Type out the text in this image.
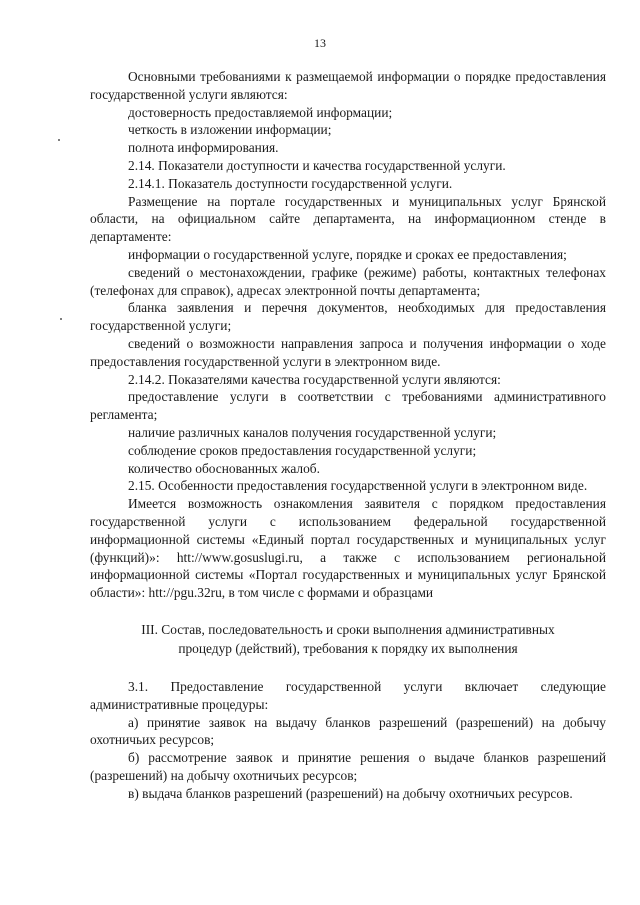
13

Основными требованиями к размещаемой информации о порядке предоставления государственной услуги являются:

достоверность предоставляемой информации;

четкость в изложении информации;

полнота информирования.

2.14. Показатели доступности и качества государственной услуги.

2.14.1. Показатель доступности государственной услуги.

Размещение на портале государственных и муниципальных услуг Брянской области, на официальном сайте департамента, на информационном стенде в департаменте:

информации о государственной услуге, порядке и сроках ее предоставления;

сведений о местонахождении, графике (режиме) работы, контактных телефонах (телефонах для справок), адресах электронной почты департамента;

бланка заявления и перечня документов, необходимых для предоставления государственной услуги;

сведений о возможности направления запроса и получения информации о ходе предоставления государственной услуги в электронном виде.

2.14.2. Показателями качества государственной услуги являются:

предоставление услуги в соответствии с требованиями административного регламента;

наличие различных каналов получения государственной услуги;

соблюдение сроков предоставления государственной услуги;

количество обоснованных жалоб.

2.15. Особенности предоставления государственной услуги в электронном виде.

Имеется возможность ознакомления заявителя с порядком предоставления государственной услуги с использованием федеральной государственной информационной системы «Единый портал государственных и муниципальных услуг (функций)»: htt://www.gosuslugi.ru, а также с использованием региональной информационной системы «Портал государственных и муниципальных услуг Брянской области»: htt://pgu.32ru, в том числе с формами и образцами

III. Состав, последовательность и сроки выполнения административных
процедур (действий), требования к порядку их выполнения

3.1. Предоставление государственной услуги включает следующие административные процедуры:

а) принятие заявок на выдачу бланков разрешений (разрешений) на добычу охотничьих ресурсов;

б) рассмотрение заявок и принятие решения о выдаче бланков разрешений (разрешений) на добычу охотничьих ресурсов;

в) выдача бланков разрешений (разрешений) на добычу охотничьих ресурсов.
